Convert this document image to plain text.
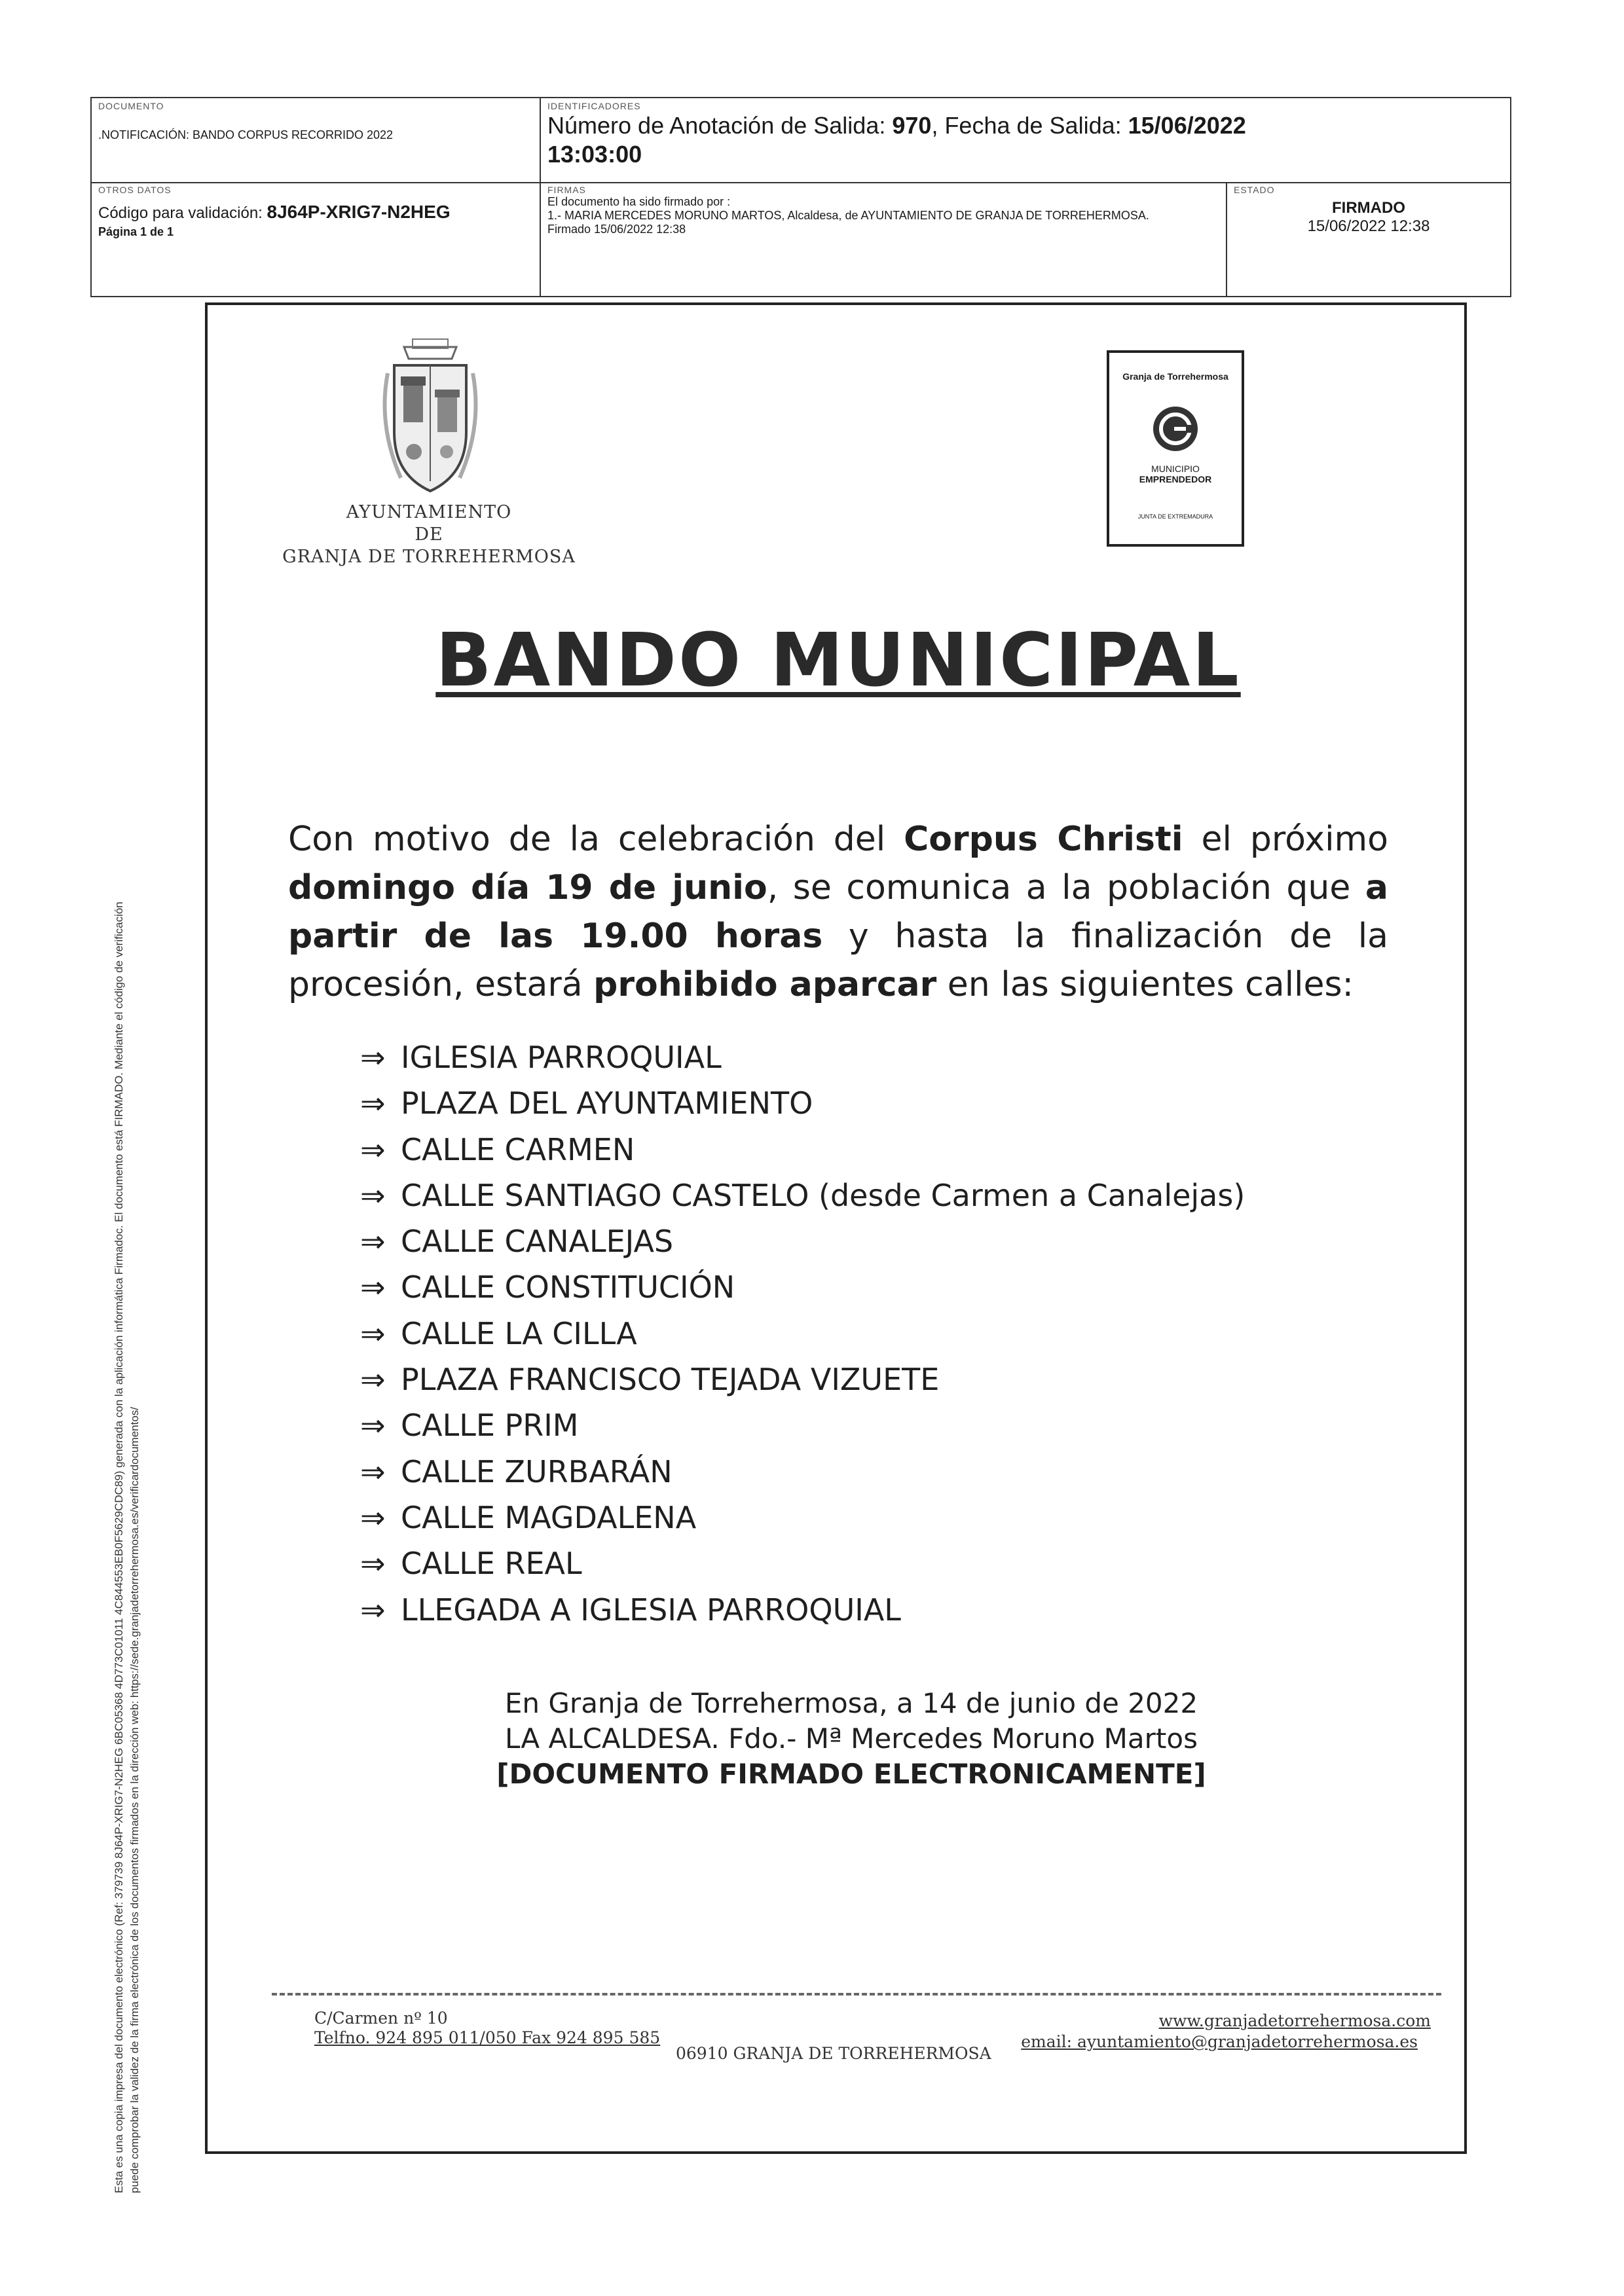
DOCUMENTO
.NOTIFICACIÓN: BANDO CORPUS RECORRIDO 2022
IDENTIFICADORES
Número de Anotación de Salida: 970, Fecha de Salida: 15/06/2022
13:03:00
OTROS DATOS
Código para validación: 8J64P-XRIG7-N2HEG
Página 1 de 1
FIRMAS
El documento ha sido firmado por :
1.- MARIA MERCEDES MORUNO MARTOS, Alcaldesa, de AYUNTAMIENTO DE GRANJA DE TORREHERMOSA.
Firmado 15/06/2022 12:38
ESTADO
FIRMADO
15/06/2022 12:38
Esta es una copia impresa del documento electrónico (Ref: 379739 8J64P-XRIG7-N2HEG 6BC05368 4D773C01011 4C844553EB0F5629CDC89) generada con la aplicación informática Firmadoc. El documento está FIRMADO. Mediante el código de verificación puede comprobar la validez de la firma electrónica de los documentos firmados en la dirección web: https://sede.granjadetorrehermosa.es/verificardocumentos/
AYUNTAMIENTO
DE
GRANJA DE TORREHERMOSA
Granja de Torrehermosa
MUNICIPIO
EMPRENDEDOR
JUNTA DE EXTREMADURA
BANDO MUNICIPAL
Con motivo de la celebración del Corpus Christi el próximo domingo día 19 de junio, se comunica a la población que a partir de las 19.00 horas y hasta la finalización de la procesión, estará prohibido aparcar en las siguientes calles:
⇒ IGLESIA PARROQUIAL
⇒ PLAZA DEL AYUNTAMIENTO
⇒ CALLE CARMEN
⇒ CALLE SANTIAGO CASTELO (desde Carmen a Canalejas)
⇒ CALLE CANALEJAS
⇒ CALLE CONSTITUCIÓN
⇒ CALLE LA CILLA
⇒ PLAZA FRANCISCO TEJADA VIZUETE
⇒ CALLE PRIM
⇒ CALLE ZURBARÁN
⇒ CALLE MAGDALENA
⇒ CALLE REAL
⇒ LLEGADA A IGLESIA PARROQUIAL
En Granja de Torrehermosa, a 14 de junio de 2022
LA ALCALDESA. Fdo.- Mª Mercedes Moruno Martos
[DOCUMENTO FIRMADO ELECTRONICAMENTE]
C/Carmen nº 10
Telfno. 924 895 011/050 Fax 924 895 585
www.granjadetorrehermosa.com
email: ayuntamiento@granjadetorrehermosa.es
06910 GRANJA DE TORREHERMOSA
